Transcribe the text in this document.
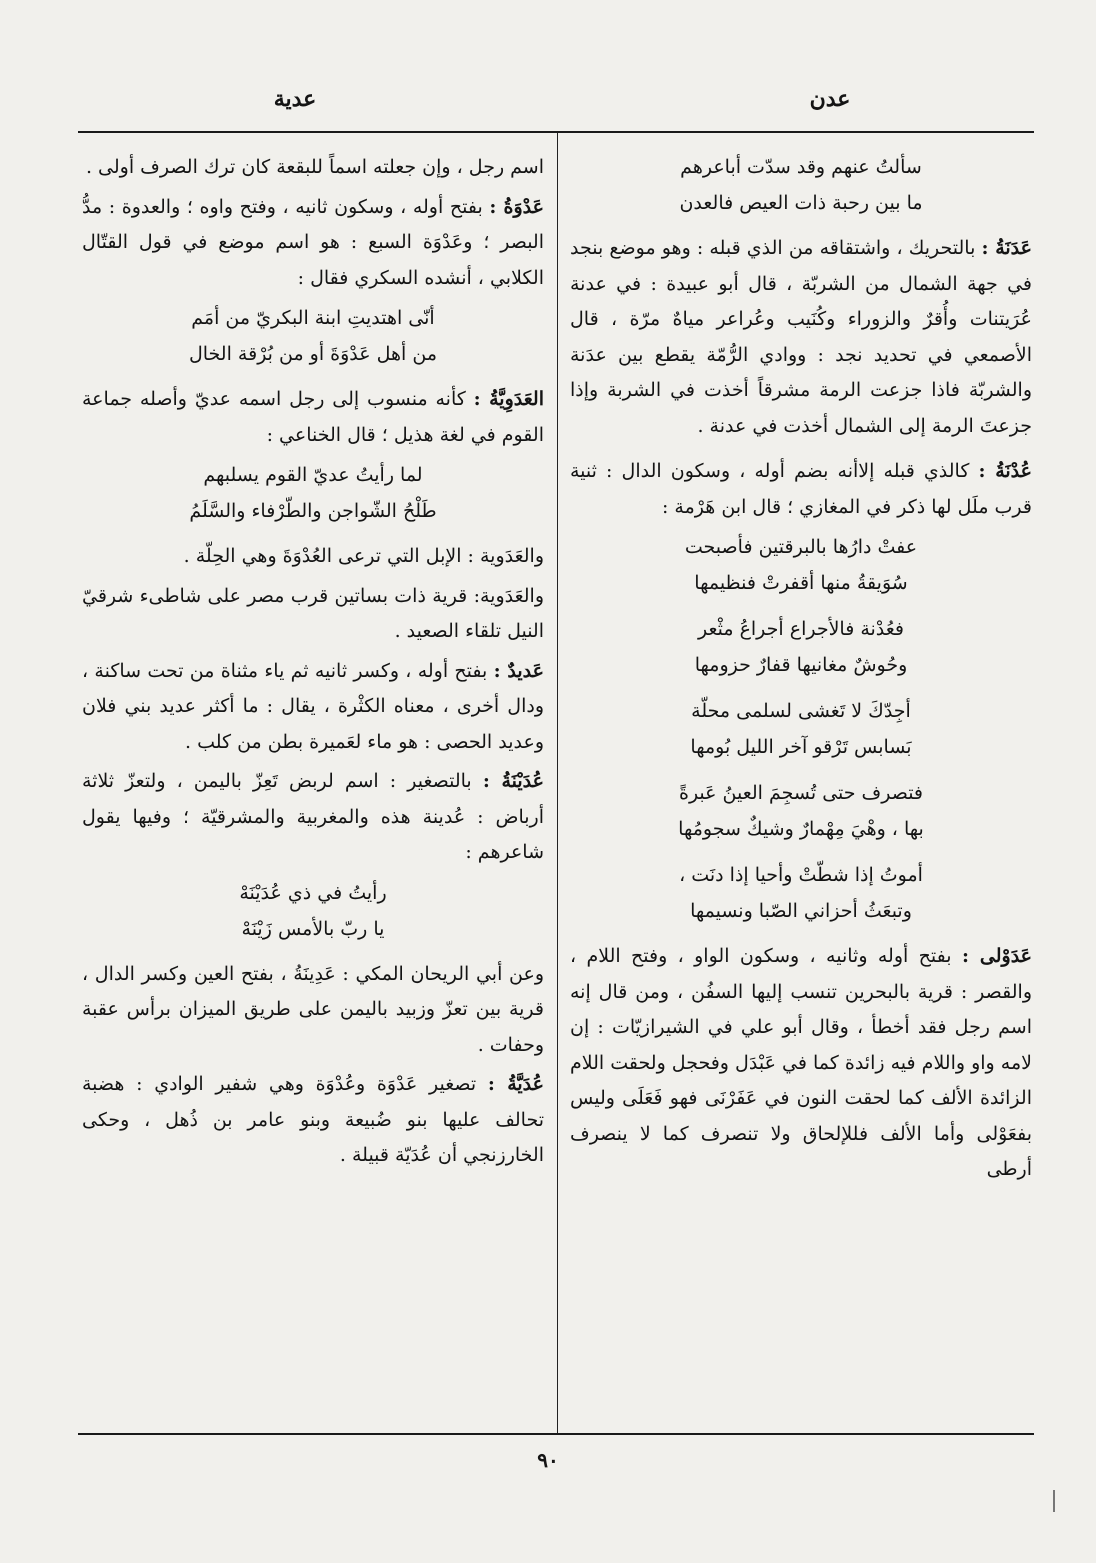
عدن
عدية
سألتُ عنهم وقد سدّت أباعرهم
ما بين رحبة ذات العيص فالعدن

عَدَنَةُ : بالتحريك ، واشتقاقه من الذي قبله : وهو موضع بنجد في جهة الشمال من الشربّة ، قال أبو عبيدة : في عدنة عُرَيتنات وأُقرٌ والزوراء وكُنَيب وعُراعر مياهٌ مرّة ، قال الأصمعي في تحديد نجد : ووادي الرُّمّة يقطع بين عدَنة والشربّة فاذا جزعت الرمة مشرقاً أخذت في الشربة وإذا جزعتَ الرمة إلى الشمال أخذت في عدنة .

عُدْنَةُ : كالذي قبله إلاأنه بضم أوله ، وسكون الدال : ثنية قرب ملَل لها ذكر في المغازي ؛ قال ابن هَرْمة :

عفتْ دارُها بالبرقتين فأصبحت
سُوَيقةُ منها أقفرتْ فنظيمها
فعُدْنة فالأجراع أجراعُ مثْعر
وحُوشٌ مغانيها قفارٌ حزومها
أجِدّكَ لا تَغشى لسلمى محلّة
بَسابس تَرْقو آخر الليل بُومها
فتصرف حتى تُسجِمَ العينُ عَبرةً
بها ، وهْيَ مِهْمارٌ وشيكٌ سجومُها
أموتُ إذا شطّتْ وأحيا إذا دنَت ،
وتبعَثُ أحزاني الصّبا ونسيمها

عَدَوْلى : بفتح أوله وثانيه ، وسكون الواو ، وفتح اللام ، والقصر : قرية بالبحرين تنسب إليها السفُن ، ومن قال إنه اسم رجل فقد أخطأ ، وقال أبو علي في الشيرازيّات : إن لامه واو واللام فيه زائدة كما في عَبْدَل وفحجل ولحقت اللام الزائدة الألف كما لحقت النون في عَفَرْنَى فهو فَعَلَى وليس بفعَوْلى وأما الألف فللإلحاق ولا تنصرف كما لا ينصرف أرطى

اسم رجل ، وإن جعلته اسماً للبقعة كان ترك الصرف أولى .

عَدْوَةُ : بفتح أوله ، وسكون ثانيه ، وفتح واوه ؛ والعدوة : مدُّ البصر ؛ وعَدْوَة السبع : هو اسم موضع في قول القتّال الكلابي ، أنشده السكري فقال :

أنّى اهتديتِ ابنة البكريّ من أمَم
من أهل عَدْوَةَ أو من بُرْقة الخال

العَدَوِيَّةُ : كأنه منسوب إلى رجل اسمه عديّ وأصله جماعة القوم في لغة هذيل ؛ قال الخناعي :

لما رأيتُ عديّ القوم يسلبهم
طَلْحُ الشّواجن والطّرْفاء والسَّلَمُ

والعَدَوية : الإبل التي ترعى العُدْوَةَ وهي الحِلّة .

والعَدَوية: قرية ذات بساتين قرب مصر على شاطىء شرقيّ النيل تلقاء الصعيد .

عَديدٌ : بفتح أوله ، وكسر ثانيه ثم ياء مثناة من تحت ساكنة ، ودال أخرى ، معناه الكثْرة ، يقال : ما أكثر عديد بني فلان وعديد الحصى : هو ماء لعَميرة بطن من كلب .

عُدَيْنَةُ : بالتصغير : اسم لربض تَعِزّ باليمن ، ولتعزّ ثلاثة أرباض : عُدينة هذه والمغربية والمشرقيّة ؛ وفيها يقول شاعرهم :

رأيتُ في ذي عُدَيْنَهْ
يا ربّ بالأمس زَيْنَهْ

وعن أبي الريحان المكي : عَدِينَةُ ، بفتح العين وكسر الدال ، قرية بين تعزّ وزبيد باليمن على طريق الميزان برأس عقبة وحفات .

عُدَيَّةُ : تصغير عَدْوَة وعُدْوَة وهي شفير الوادي : هضبة تحالف عليها بنو ضُبيعة وبنو عامر بن ذُهل ، وحكى الخارزنجي أن عُدَيّة قبيلة .

٩٠
